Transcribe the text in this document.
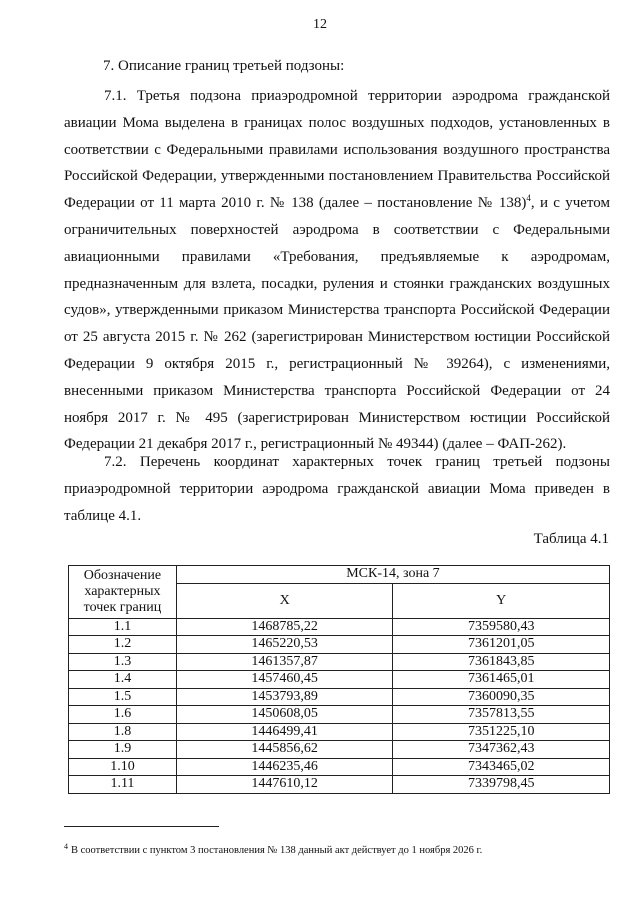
12
7. Описание границ третьей подзоны:

7.1. Третья подзона приаэродромной территории аэродрома гражданской авиации Мома выделена в границах полос воздушных подходов, установленных в соответствии с Федеральными правилами использования воздушного пространства Российской Федерации, утвержденными постановлением Правительства Российской Федерации от 11 марта 2010 г. № 138 (далее – постановление № 138)$^4$, и с учетом ограничительных поверхностей аэродрома в соответствии с Федеральными авиационными правилами «Требования, предъявляемые к аэродромам, предназначенным для взлета, посадки, руления и стоянки гражданских воздушных судов», утвержденными приказом Министерства транспорта Российской Федерации от 25 августа 2015 г. № 262 (зарегистрирован Министерством юстиции Российской Федерации 9 октября 2015 г., регистрационный № 39264), с изменениями, внесенными приказом Министерства транспорта Российской Федерации от 24 ноября 2017 г. № 495 (зарегистрирован Министерством юстиции Российской Федерации 21 декабря 2017 г., регистрационный № 49344) (далее – ФАП-262).

7.2. Перечень координат характерных точек границ третьей подзоны приаэродромной территории аэродрома гражданской авиации Мома приведен в таблице 4.1.

Таблица 4.1
Обозначение характерных точек границ	МСК-14, зона 7	
	X	Y
1.1	1468785,22	7359580,43
1.2	1465220,53	7361201,05
1.3	1461357,87	7361843,85
1.4	1457460,45	7361465,01
1.5	1453793,89	7360090,35
1.6	1450608,05	7357813,55
1.8	1446499,41	7351225,10
1.9	1445856,62	7347362,43
1.10	1446235,46	7343465,02
1.11	1447610,12	7339798,45
$^4$ В соответствии с пунктом 3 постановления № 138 данный акт действует до 1 ноября 2026 г.
